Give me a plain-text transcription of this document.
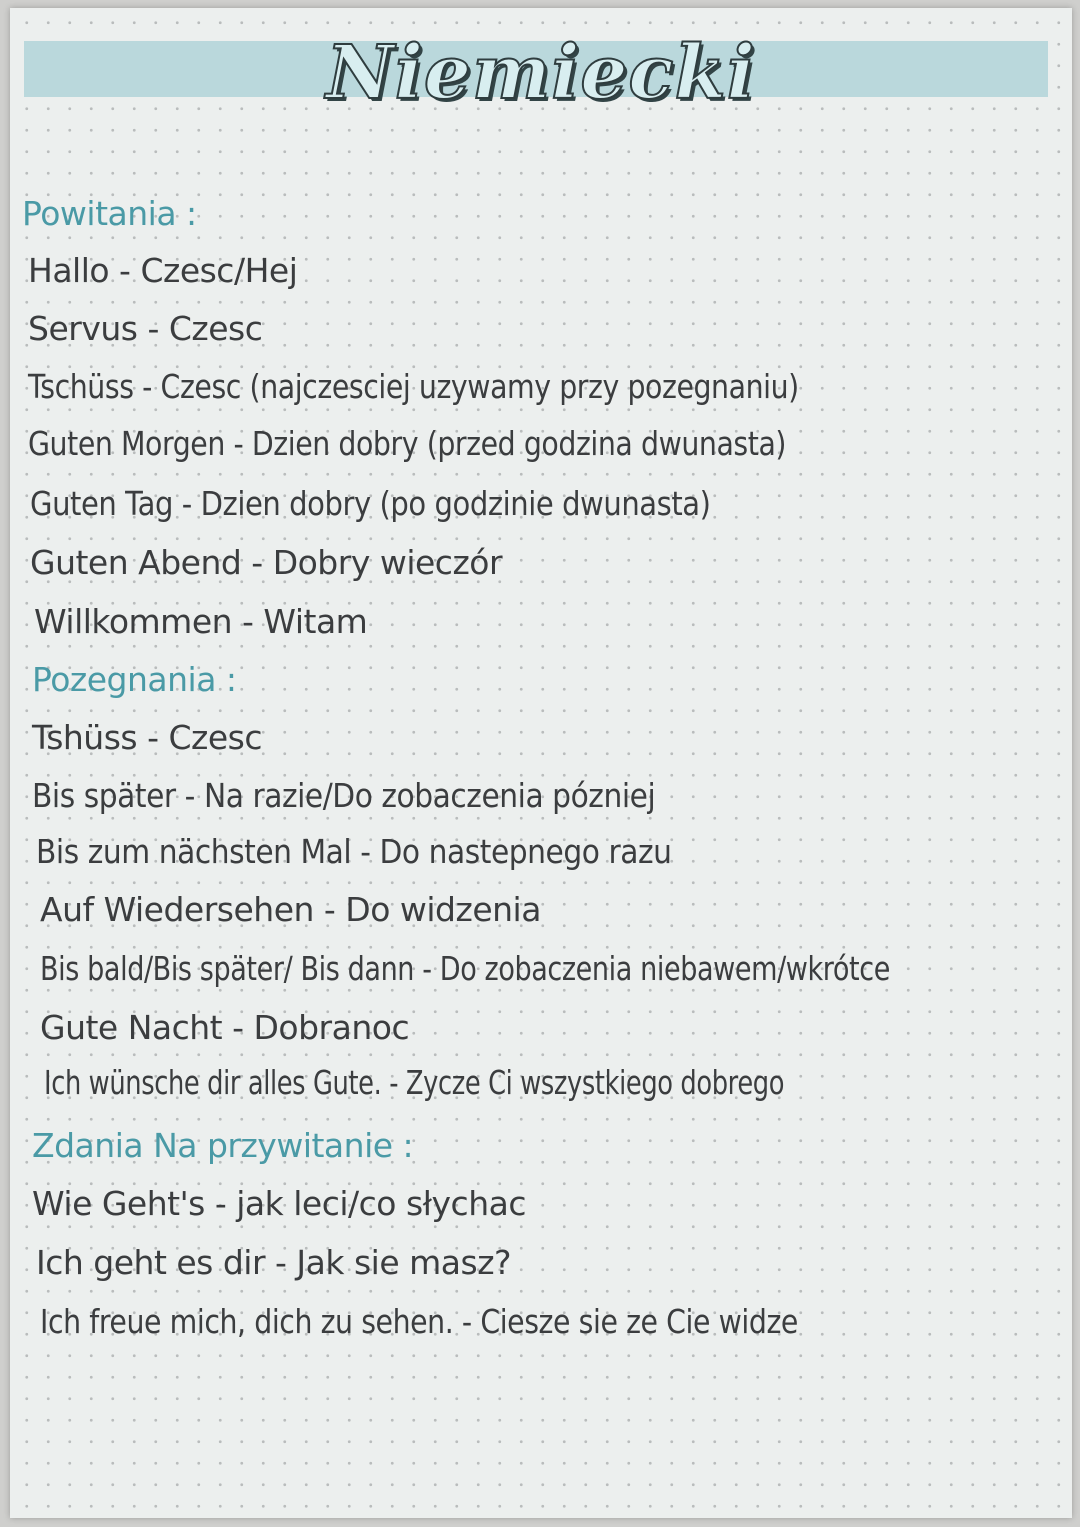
Niemiecki
Powitania :
Hallo - Czesc/Hej
Servus - Czesc
Tschüss - Czesc (najczesciej uzywamy przy pozegnaniu)
Guten Morgen - Dzien dobry (przed godzina dwunasta)
Guten Tag - Dzien dobry (po godzinie dwunasta)
Guten Abend - Dobry wieczór
Willkommen - Witam
Pozegnania :
Tshüss - Czesc
Bis später - Na razie/Do zobaczenia pózniej
Bis zum nächsten Mal - Do nastepnego razu
Auf Wiedersehen - Do widzenia
Bis bald/Bis später/ Bis dann - Do zobaczenia niebawem/wkrótce
Gute Nacht - Dobranoc
Ich wünsche dir alles Gute. - Zycze Ci wszystkiego dobrego
Zdania Na przywitanie :
Wie Geht's - jak leci/co słychac
Ich geht es dir - Jak sie masz?
Ich freue mich, dich zu sehen. - Ciesze sie ze Cie widze
